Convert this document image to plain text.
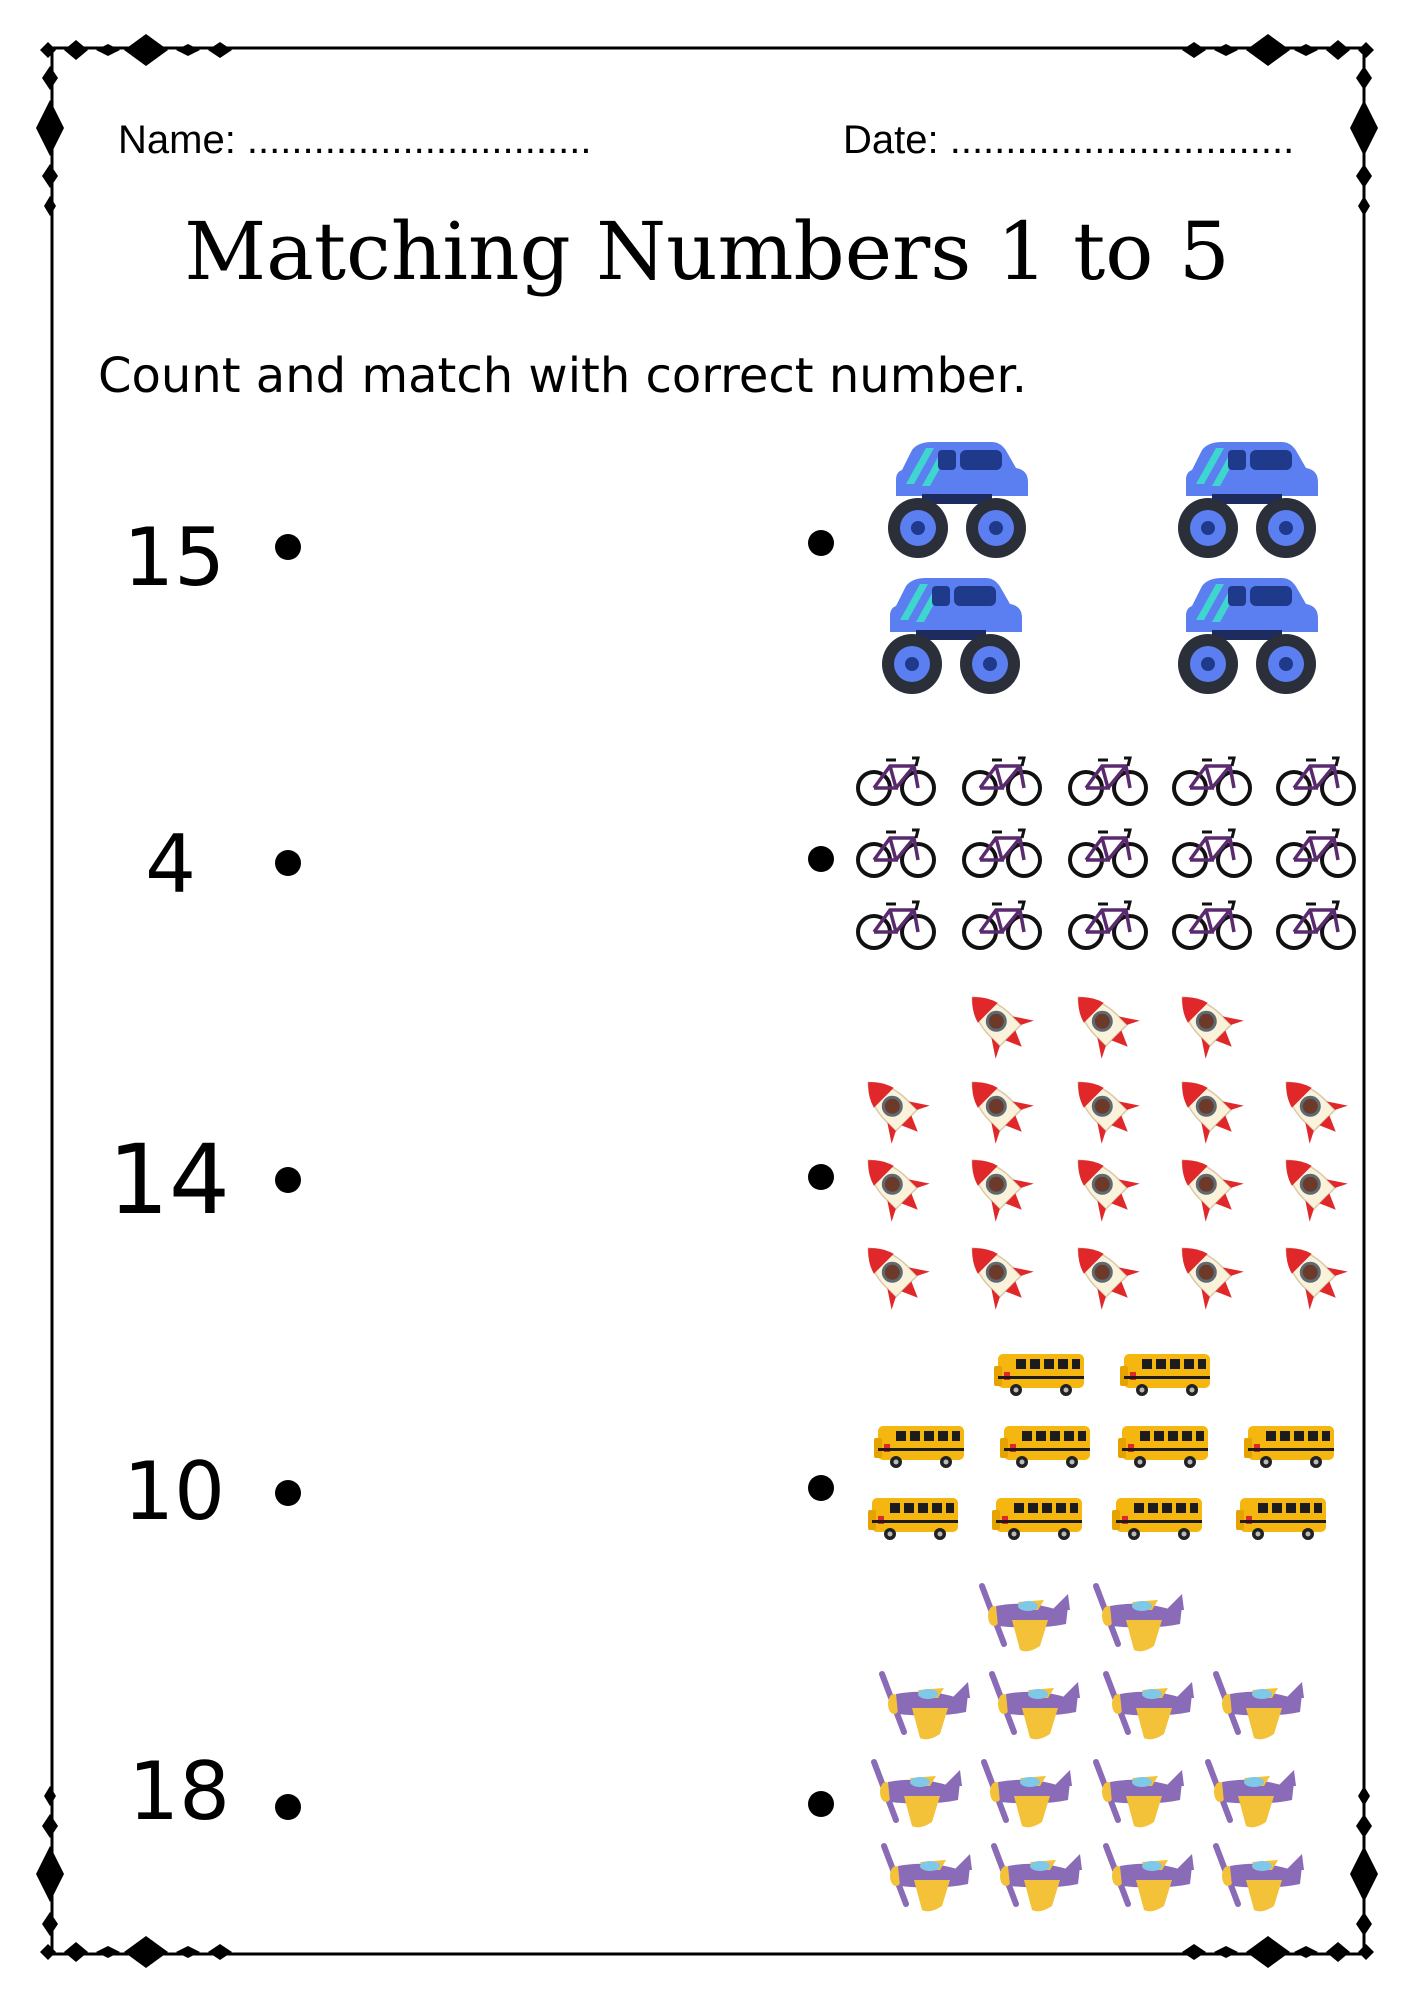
Name: ...............................	Date: ...............................
Matching Numbers 1 to 5
Count and match with correct number.
15
4
14
10
18
